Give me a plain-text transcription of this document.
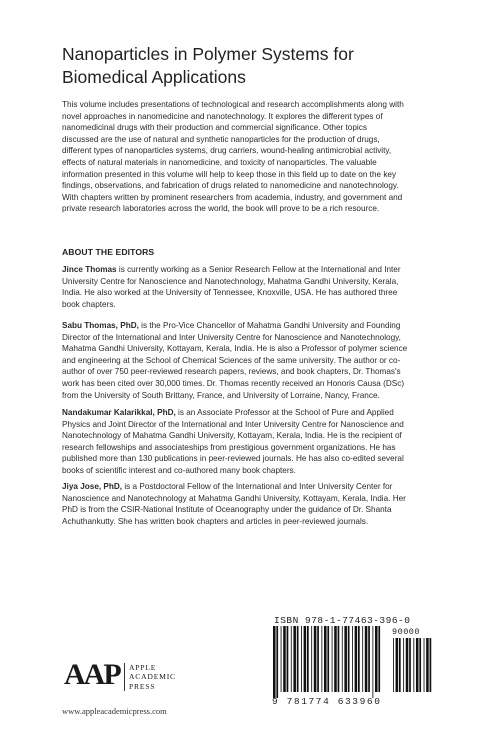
Nanoparticles in Polymer Systems for
Biomedical Applications
This volume includes presentations of technological and research accomplishments along with
novel approaches in nanomedicine and nanotechnology. It explores the different types of
nanomedicinal drugs with their production and commercial significance. Other topics
discussed are the use of natural and synthetic nanoparticles for the production of drugs,
different types of nanoparticles systems, drug carriers, wound-healing antimicrobial activity,
effects of natural materials in nanomedicine, and toxicity of nanoparticles. The valuable
information presented in this volume will help to keep those in this field up to date on the key
findings, observations, and fabrication of drugs related to nanomedicine and nanotechnology.
With chapters written by prominent researchers from academia, industry, and government and
private research laboratories across the world, the book will prove to be a rich resource.
ABOUT THE EDITORS
Jince Thomas is currently working as a Senior Research Fellow at the International and Inter
University Centre for Nanoscience and Nanotechnology, Mahatma Gandhi University, Kerala,
India. He also worked at the University of Tennessee, Knoxville, USA. He has authored three
book chapters.
Sabu Thomas, PhD, is the Pro-Vice Chancellor of Mahatma Gandhi University and Founding
Director of the International and Inter University Centre for Nanoscience and Nanotechnology,
Mahatma Gandhi University, Kottayam, Kerala, India. He is also a Professor of polymer science
and engineering at the School of Chemical Sciences of the same university. The author or co-
author of over 750 peer-reviewed research papers, reviews, and book chapters, Dr. Thomas's
work has been cited over 30,000 times. Dr. Thomas recently received an Honoris Causa (DSc)
from the University of South Brittany, France, and University of Lorraine, Nancy, France.
Nandakumar Kalarikkal, PhD, is an Associate Professor at the School of Pure and Applied
Physics and Joint Director of the International and Inter University Centre for Nanoscience and
Nanotechnology of Mahatma Gandhi University, Kottayam, Kerala, India. He is the recipient of
research fellowships and associateships from prestigious government organizations. He has
published more than 130 publications in peer-reviewed journals. He has also co-edited several
books of scientific interest and co-authored many book chapters.
Jiya Jose, PhD, is a Postdoctoral Fellow of the International and Inter University Center for
Nanoscience and Nanotechnology at Mahatma Gandhi University, Kottayam, Kerala, India. Her
PhD is from the CSIR-National Institute of Oceanography under the guidance of Dr. Shanta
Achuthankutty. She has written book chapters and articles in peer-reviewed journals.
ISBN 978-1-77463-396-0
90000
9 781774 633960
AAP APPLE
ACADEMIC
PRESS
www.appleacademicpress.com
